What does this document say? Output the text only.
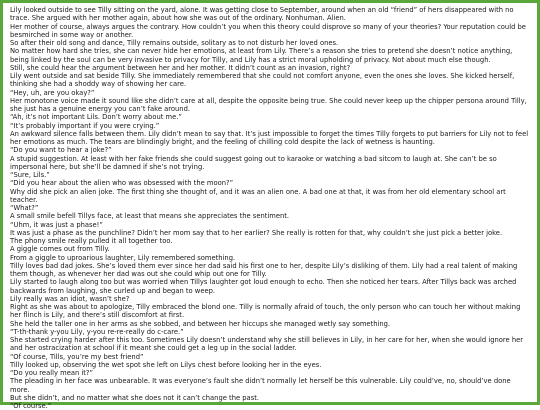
Lily looked outside to see Tilly sitting on the yard, alone. It was getting close to September, around when an old “friend” of hers disappeared with no trace. She argued with her mother again, about how she was out of the ordinary. Nonhuman. Alien.

Her mother of course, always argues the contrary. How couldn’t you when this theory could disprove so many of your theories? Your reputation could be besmirched in some way or another.

So after their old song and dance, Tilly remains outside, solitary as to not disturb her loved ones.

No matter how hard she tries, she can never hide her emotions, at least from Lily. There’s a reason she tries to pretend she doesn’t notice anything, being linked by the soul can be very invasive to privacy for Tilly, and Lily has a strict moral upholding of privacy. Not about much else though.

Still, she could hear the argument between her and her mother. It didn’t count as an invasion, right?

Lily went outside and sat beside Tilly. She immediately remembered that she could not comfort anyone, even the ones she loves. She kicked herself, thinking she had a shoddy way of showing her care.

“Hey, uh, are you okay?”

Her monotone voice made it sound like she didn’t care at all, despite the opposite being true. She could never keep up the chipper persona around Tilly, she just has a genuine energy you can’t fake around.

“Ah, it’s not important Lils. Don’t worry about me.”

“It’s probably important if you were crying.”

An awkward silence falls between them. Lily didn’t mean to say that. It’s just impossible to forget the times Tilly forgets to put barriers for Lily not to feel her emotions as much. The tears are blindingly bright, and the feeling of chilling cold despite the lack of wetness is haunting.

“Do you want to hear a joke?”

A stupid suggestion. At least with her fake friends she could suggest going out to karaoke or watching a bad sitcom to laugh at. She can’t be so impersonal here, but she’ll be damned if she’s not trying.

“Sure, Lils.”

“Did you hear about the alien who was obsessed with the moon?”

Why did she pick an alien joke. The first thing she thought of, and it was an alien one. A bad one at that, it was from her old elementary school art teacher.

“What?”

A small smile befell Tillys face, at least that means she appreciates the sentiment.

“Uhm, it was just a phase!”

It was just a phase as the punchline? Didn’t her mom say that to her earlier? She really is rotten for that, why couldn’t she just pick a better joke.

The phony smile really pulled it all together too.

A giggle comes out from Tilly.

From a giggle to uproarious laughter, Lily remembered something.

Tilly loves bad dad jokes. She’s loved them ever since her dad said his first one to her, despite Lily’s disliking of them. Lily had a real talent of making them though, as whenever her dad was out she could whip out one for Tilly.

Lily started to laugh along too but was worried when Tillys laughter got loud enough to echo. Then she noticed her tears. After Tillys back was arched backwards from laughing, she curled up and began to weep.

Lily really was an idiot, wasn’t she?

Right as she was about to apologize, Tilly embraced the blond one. Tilly is normally afraid of touch, the only person who can touch her without making her flinch is Lily, and there’s still discomfort at first.

She held the taller one in her arms as she sobbed, and between her hiccups she managed wetly say something.

“T-th-thank y-you Lily, y-you re-re-really do c-care.”

She started crying harder after this too. Sometimes Lily doesn’t understand why she still believes in Lily, in her care for her, when she would ignore her and her ostracization at school if it meant she could get a leg up in the social ladder.

“Of course, Tills, you’re my best friend”

Tilly looked up, observing the wet spot she left on Lilys chest before looking her in the eyes.

“Do you really mean it?”

The pleading in her face was unbearable. It was everyone’s fault she didn’t normally let herself be this vulnerable. Lily could’ve, no, should’ve done more.

But she didn’t, and no matter what she does not it can’t change the past.

“Of course.”
